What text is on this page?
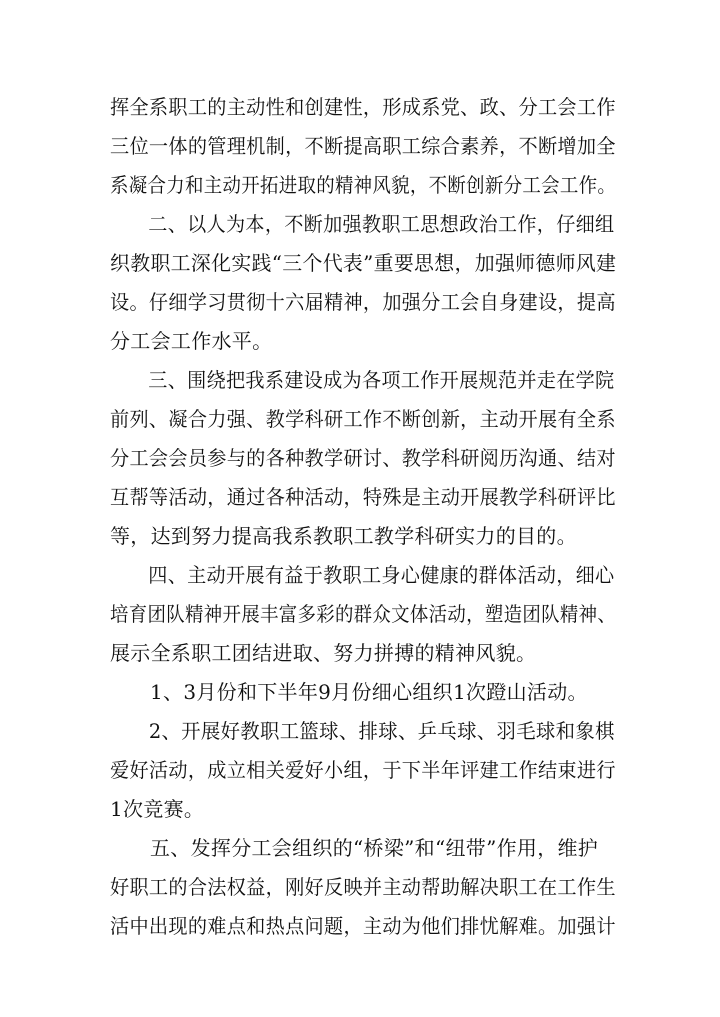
挥全系职工的主动性和创建性，形成系党、政、分工会工作
三位一体的管理机制，不断提高职工综合素养，不断增加全
系凝合力和主动开拓进取的精神风貌，不断创新分工会工作。
二、以人为本，不断加强教职工思想政治工作，仔细组
织教职工深化实践“三个代表”重要思想，加强师德师风建
设。仔细学习贯彻十六届精神，加强分工会自身建设，提高
分工会工作水平。
三、围绕把我系建设成为各项工作开展规范并走在学院
前列、凝合力强、教学科研工作不断创新，主动开展有全系
分工会会员参与的各种教学研讨、教学科研阅历沟通、结对
互帮等活动，通过各种活动，特殊是主动开展教学科研评比
等，达到努力提高我系教职工教学科研实力的目的。
四、主动开展有益于教职工身心健康的群体活动，细心
培育团队精神开展丰富多彩的群众文体活动，塑造团队精神、
展示全系职工团结进取、努力拼搏的精神风貌。
1、3月份和下半年9月份细心组织1次蹬山活动。
2、开展好教职工篮球、排球、乒乓球、羽毛球和象棋
爱好活动，成立相关爱好小组，于下半年评建工作结束进行
1次竞赛。
五、发挥分工会组织的“桥梁”和“纽带”作用，维护
好职工的合法权益，刚好反映并主动帮助解决职工在工作生
活中出现的难点和热点问题，主动为他们排忧解难。加强计
